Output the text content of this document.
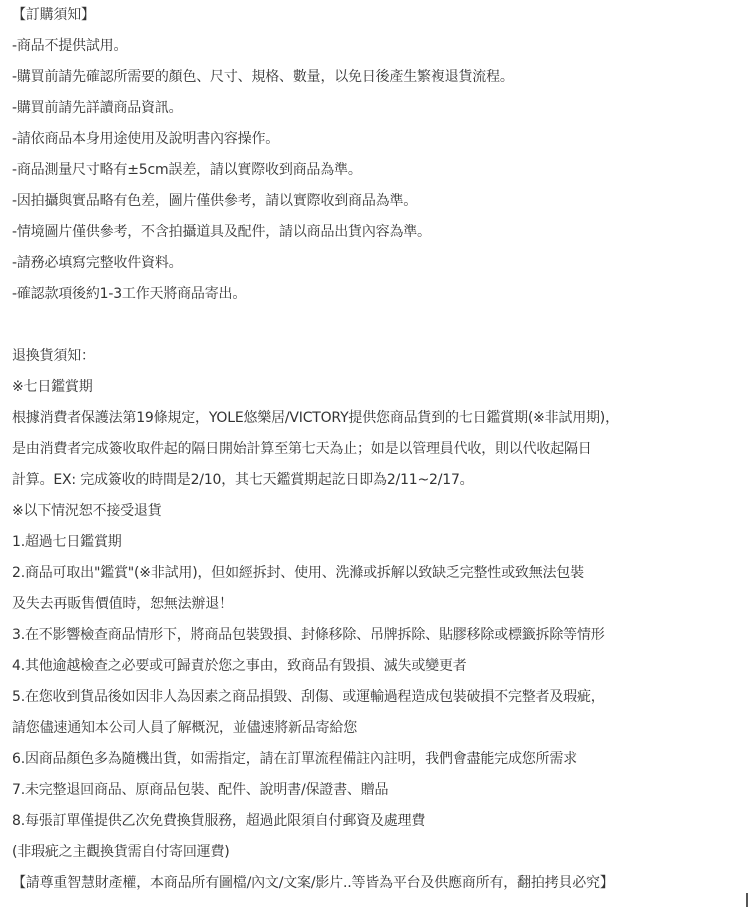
【訂購須知】
-商品不提供試用。
-購買前請先確認所需要的顏色、尺寸、規格、數量，以免日後產生繁複退貨流程。
-購買前請先詳讀商品資訊。
-請依商品本身用途使用及說明書內容操作。
-商品測量尺寸略有±5cm誤差，請以實際收到商品為準。
-因拍攝與實品略有色差，圖片僅供參考，請以實際收到商品為準。
-情境圖片僅供參考，不含拍攝道具及配件，請以商品出貨內容為準。
-請務必填寫完整收件資料。
-確認款項後約1-3工作天將商品寄出。
退換貨須知：
※七日鑑賞期
根據消費者保護法第19條規定，YOLE悠樂居/VICTORY提供您商品貨到的七日鑑賞期(※非試用期)，
是由消費者完成簽收取件起的隔日開始計算至第七天為止；如是以管理員代收，則以代收起隔日
計算。EX: 完成簽收的時間是2/10，其七天鑑賞期起訖日即為2/11~2/17。
※以下情況恕不接受退貨
1.超過七日鑑賞期
2.商品可取出"鑑賞"(※非試用)，但如經拆封、使用、洗滌或拆解以致缺乏完整性或致無法包裝
及失去再販售價值時，恕無法辦退！
3.在不影響檢查商品情形下，將商品包裝毀損、封條移除、吊牌拆除、貼膠移除或標籤拆除等情形
4.其他逾越檢查之必要或可歸責於您之事由，致商品有毀損、滅失或變更者
5.在您收到貨品後如因非人為因素之商品損毀、刮傷、或運輸過程造成包裝破損不完整者及瑕疵，
請您儘速通知本公司人員了解概況，並儘速將新品寄給您
6.因商品顏色多為隨機出貨，如需指定，請在訂單流程備註內註明，我們會盡能完成您所需求
7.未完整退回商品、原商品包裝、配件、說明書/保證書、贈品
8.每張訂單僅提供乙次免費換貨服務，超過此限須自付郵資及處理費
(非瑕疵之主觀換貨需自付寄回運費)
【請尊重智慧財產權，本商品所有圖檔/內文/文案/影片..等皆為平台及供應商所有，翻拍拷貝必究】
